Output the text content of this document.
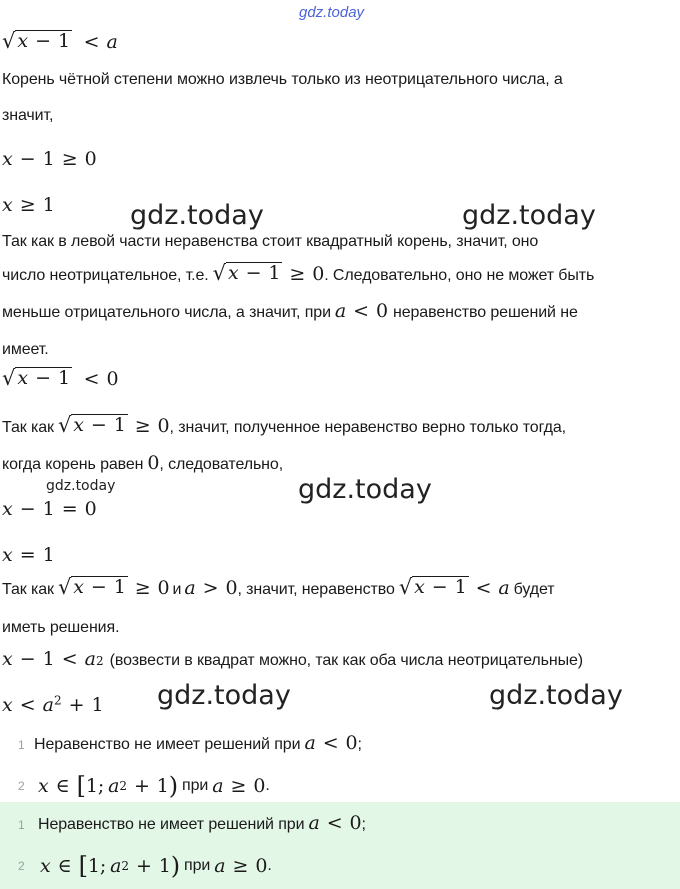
gdz.today
√ x − 1 < a
Корень чётной степени можно извлечь только из неотрицательного числа, а
значит,
x − 1 ≥ 0
x ≥ 1	gdz.today	gdz.today
Так как в левой части неравенства стоит квадратный корень, значит, оно
число неотрицательное, т.е. √ x − 1 ≥ 0 . Следовательно, оно не может быть
меньше отрицательного числа, а значит, при a < 0 неравенство решений не
имеет.
√ x − 1 < 0
Так как √ x − 1 ≥ 0 , значит, полученное неравенство верно только тогда,
когда корень равен 0 , следовательно,
gdz.today	gdz.today
x − 1 = 0
x = 1
Так как √ x − 1 ≥ 0 и a > 0 , значит, неравенство √ x − 1 < a будет
иметь решения.
x − 1 < a 2 (возвести в квадрат можно, так как оба числа неотрицательные)
$x < a^2 + 1$ gdz.today	gdz.today
1 Неравенство не имеет решений при a < 0 ;
2 x ∈ [ 1 ; a 2 + 1 ) при a ≥ 0 .
1 Неравенство не имеет решений при a < 0 ;
2 x ∈ [ 1 ; a 2 + 1 ) при a ≥ 0 .
